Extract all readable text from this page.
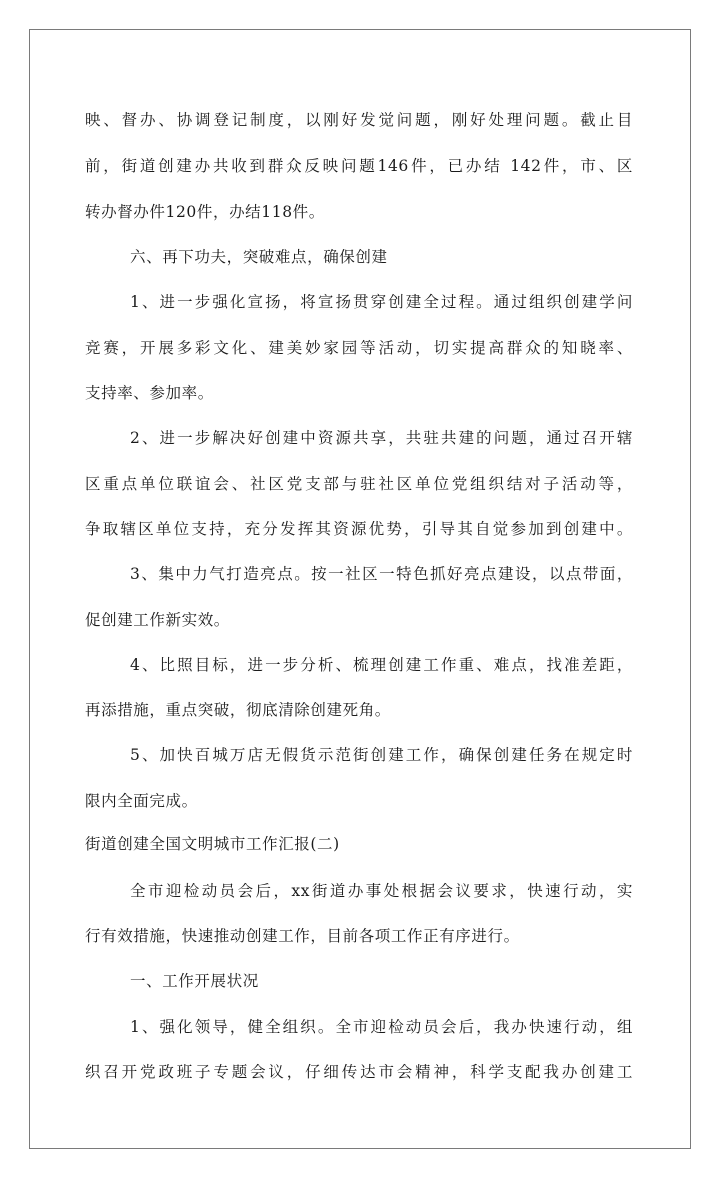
映、督办、协调登记制度，以刚好发觉问题，刚好处理问题。截止目
前，街道创建办共收到群众反映问题146件，已办结 142件，市、区
转办督办件120件，办结118件。
六、再下功夫，突破难点，确保创建
1、进一步强化宣扬，将宣扬贯穿创建全过程。通过组织创建学问
竞赛，开展多彩文化、建美妙家园等活动，切实提高群众的知晓率、
支持率、参加率。
2、进一步解决好创建中资源共享，共驻共建的问题，通过召开辖
区重点单位联谊会、社区党支部与驻社区单位党组织结对子活动等，
争取辖区单位支持，充分发挥其资源优势，引导其自觉参加到创建中。
3、集中力气打造亮点。按一社区一特色抓好亮点建设，以点带面，
促创建工作新实效。
4、比照目标，进一步分析、梳理创建工作重、难点，找准差距，
再添措施，重点突破，彻底清除创建死角。
5、加快百城万店无假货示范街创建工作，确保创建任务在规定时
限内全面完成。
街道创建全国文明城市工作汇报(二)
全市迎检动员会后，xx街道办事处根据会议要求，快速行动，实
行有效措施，快速推动创建工作，目前各项工作正有序进行。
一、工作开展状况
1、强化领导，健全组织。全市迎检动员会后，我办快速行动，组
织召开党政班子专题会议，仔细传达市会精神，科学支配我办创建工
